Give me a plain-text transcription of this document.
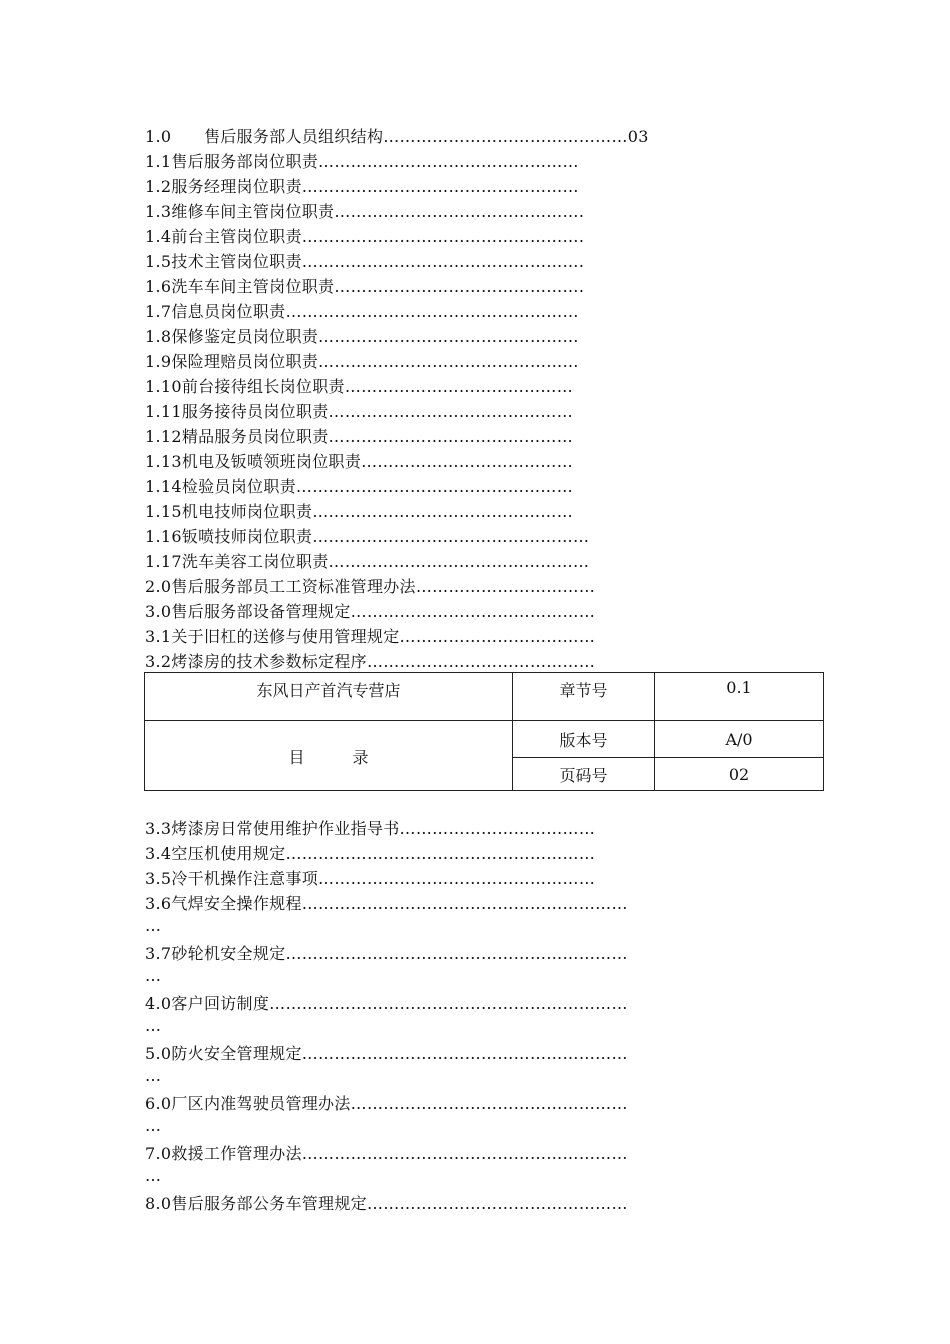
1.0　　售后服务部人员组织结构………………………………………03
1.1售后服务部岗位职责…………………………………………
1.2服务经理岗位职责……………………………………………
1.3维修车间主管岗位职责……………………………………….
1.4前台主管岗位职责…………………………………………….
1.5技术主管岗位职责…………………………………………….
1.6洗车车间主管岗位职责……………………………………….
1.7信息员岗位职责………………………………………………
1.8保修鉴定员岗位职责…………………………………………
1.9保险理赔员岗位职责…………………………………………
1.10前台接待组长岗位职责……………………………………
1.11服务接待员岗位职责………………………………………
1.12精品服务员岗位职责………………………………………
1.13机电及钣喷领班岗位职责…………………………………
1.14检验员岗位职责……………………………………………
1.15机电技师岗位职责…………………………………………
1.16钣喷技师岗位职责……………………………………………
1.17洗车美容工岗位职责…………………………………………
2.0售后服务部员工工资标准管理办法……………………………
3.0售后服务部设备管理规定………………………………………
3.1关于旧杠的送修与使用管理规定………………………………
3.2烤漆房的技术参数标定程序……………………………………
东风日产首汽专营店	章节号	0.1
目　　　录	版本号	A/0
	页码号	02
3.3烤漆房日常使用维护作业指导书………………………………
3.4空压机使用规定…………………………………………………
3.5冷干机操作注意事项……………………………………………
3.6气焊安全操作规程……………………………………………………
…
3.7砂轮机安全规定………………………………………………………
…
4.0客户回访制度…………………………………………………………
…
5.0防火安全管理规定……………………………………………………
…
6.0厂区内准驾驶员管理办法……………………………………………
…
7.0救援工作管理办法……………………………………………………
…
8.0售后服务部公务车管理规定…………………………………………
